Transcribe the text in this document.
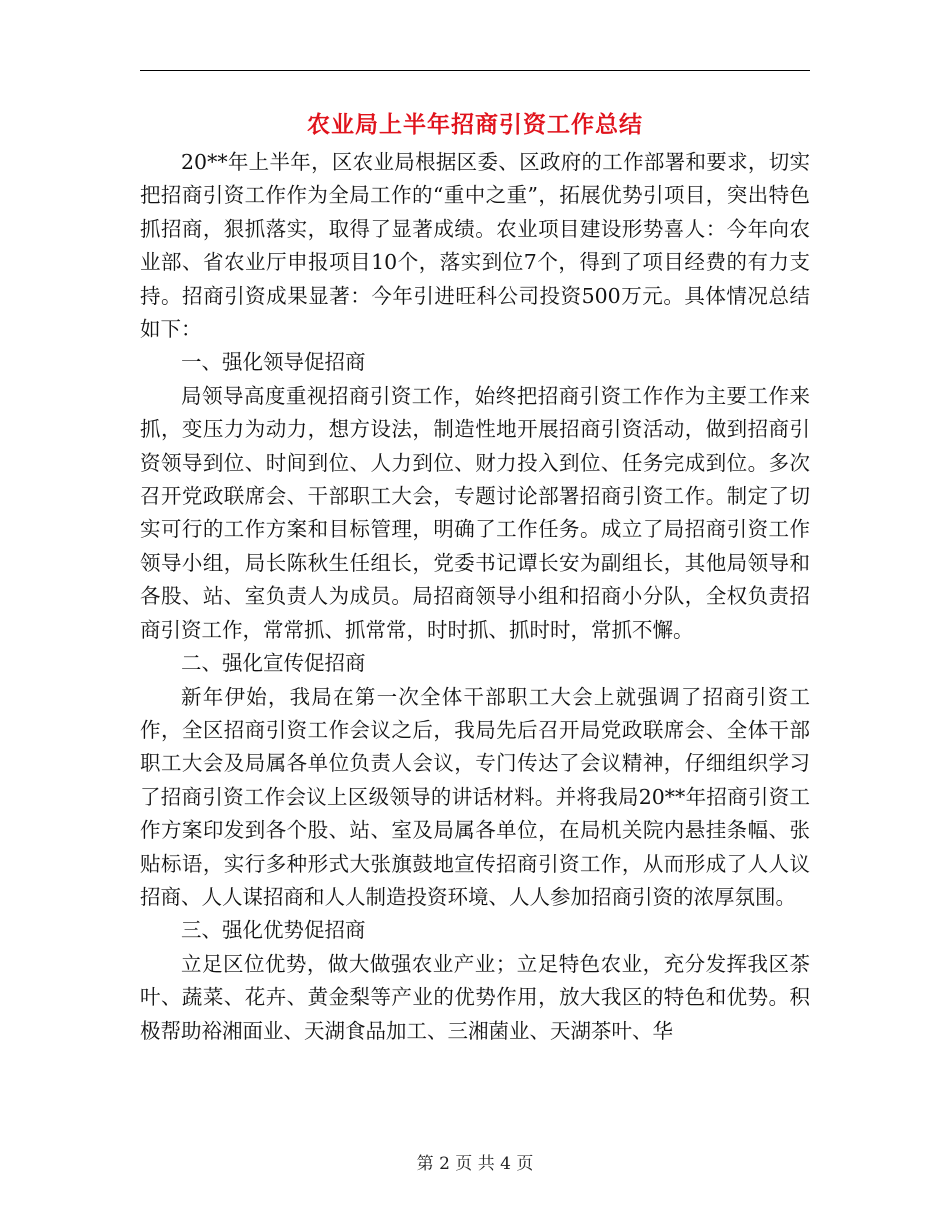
农业局上半年招商引资工作总结

20**年上半年，区农业局根据区委、区政府的工作部署和要求，切实把招商引资工作作为全局工作的“重中之重”，拓展优势引项目，突出特色抓招商，狠抓落实，取得了显著成绩。农业项目建设形势喜人：今年向农业部、省农业厅申报项目10个，落实到位7个，得到了项目经费的有力支持。招商引资成果显著：今年引进旺科公司投资500万元。具体情况总结如下：

一、强化领导促招商

局领导高度重视招商引资工作，始终把招商引资工作作为主要工作来抓，变压力为动力，想方设法，制造性地开展招商引资活动，做到招商引资领导到位、时间到位、人力到位、财力投入到位、任务完成到位。多次召开党政联席会、干部职工大会，专题讨论部署招商引资工作。制定了切实可行的工作方案和目标管理，明确了工作任务。成立了局招商引资工作领导小组，局长陈秋生任组长，党委书记谭长安为副组长，其他局领导和各股、站、室负责人为成员。局招商领导小组和招商小分队，全权负责招商引资工作，常常抓、抓常常，时时抓、抓时时，常抓不懈。

二、强化宣传促招商

新年伊始，我局在第一次全体干部职工大会上就强调了招商引资工作，全区招商引资工作会议之后，我局先后召开局党政联席会、全体干部职工大会及局属各单位负责人会议，专门传达了会议精神，仔细组织学习了招商引资工作会议上区级领导的讲话材料。并将我局20**年招商引资工作方案印发到各个股、站、室及局属各单位，在局机关院内悬挂条幅、张贴标语，实行多种形式大张旗鼓地宣传招商引资工作，从而形成了人人议招商、人人谋招商和人人制造投资环境、人人参加招商引资的浓厚氛围。

三、强化优势促招商

立足区位优势，做大做强农业产业；立足特色农业，充分发挥我区茶叶、蔬菜、花卉、黄金梨等产业的优势作用，放大我区的特色和优势。积极帮助裕湘面业、天湖食品加工、三湘菌业、天湖茶叶、华

第 2 页 共 4 页
